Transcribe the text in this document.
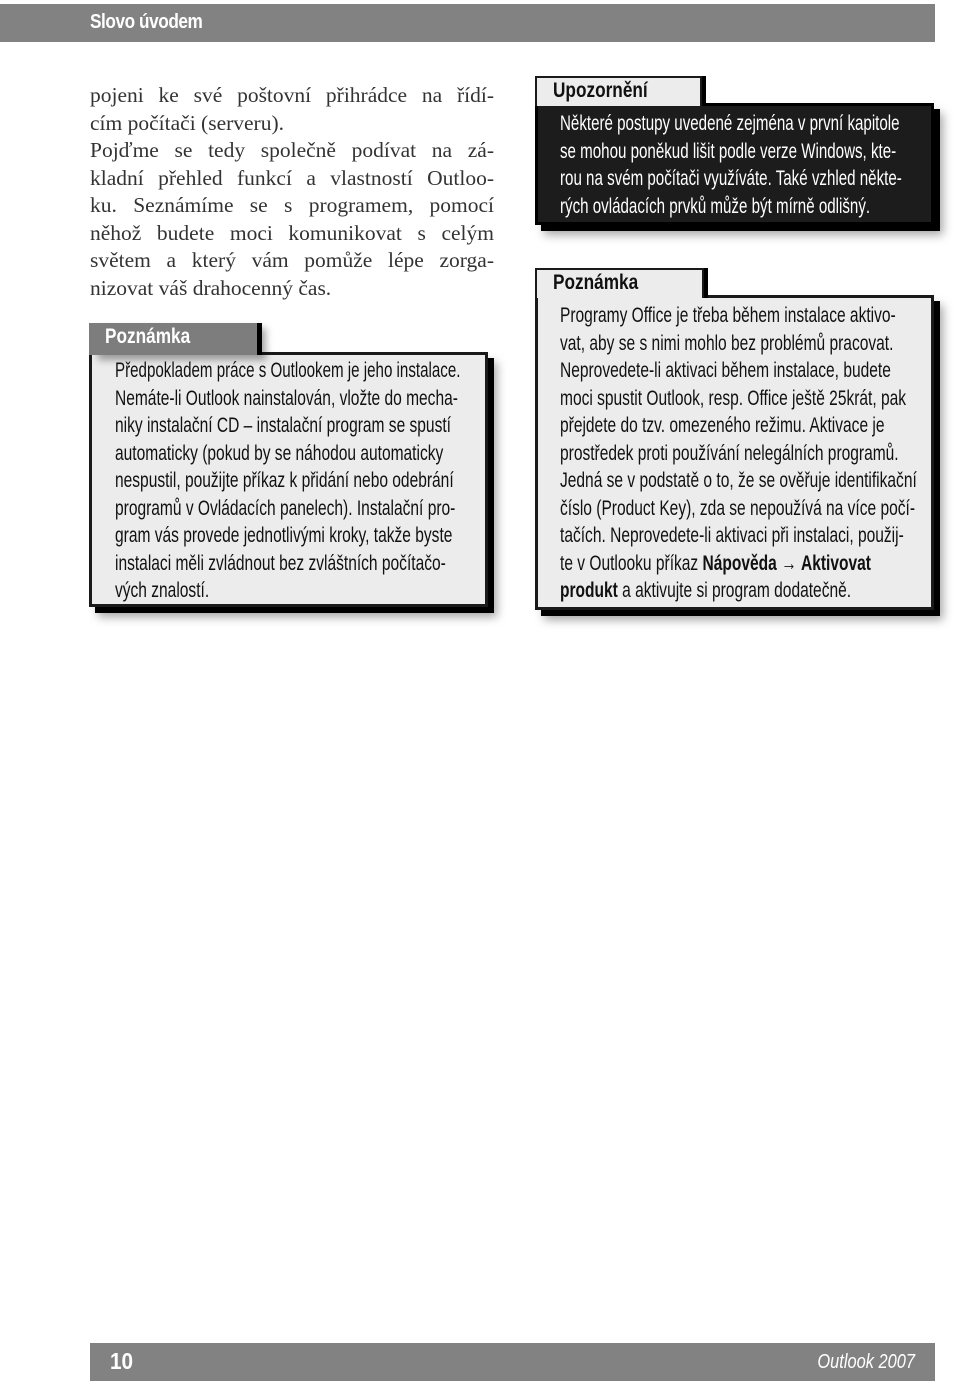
Slovo úvodem
pojeni ke své poštovní přihrádce na řídí-
cím počítači (serveru).
Pojďme se tedy společně podívat na zá-
kladní přehled funkcí a vlastností Outloo-
ku. Seznámíme se s programem, pomocí
něhož budete moci komunikovat s celým
světem a který vám pomůže lépe zorga-
nizovat váš drahocenný čas.
Poznámka
Předpokladem práce s Outlookem je jeho instalace.
Nemáte-li Outlook nainstalován, vložte do mecha-
niky instalační CD – instalační program se spustí
automaticky (pokud by se náhodou automaticky
nespustil, použijte příkaz k přidání nebo odebrání
programů v Ovládacích panelech). Instalační pro-
gram vás provede jednotlivými kroky, takže byste
instalaci měli zvládnout bez zvláštních počítačo-
vých znalostí.
Upozornění
Některé postupy uvedené zejména v první kapitole
se mohou poněkud lišit podle verze Windows, kte-
rou na svém počítači využíváte. Také vzhled někte-
rých ovládacích prvků může být mírně odlišný.
Poznámka
Programy Office je třeba během instalace aktivo-
vat, aby se s nimi mohlo bez problémů pracovat.
Neprovedete-li aktivaci během instalace, budete
moci spustit Outlook, resp. Office ještě 25krát, pak
přejdete do tzv. omezeného režimu. Aktivace je
prostředek proti používání nelegálních programů.
Jedná se v podstatě o to, že se ověřuje identifikační
číslo (Product Key), zda se nepoužívá na více počí-
tačích. Neprovedete-li aktivaci při instalaci, použij-
te v Outlooku příkaz Nápověda → Aktivovat
produkt a aktivujte si program dodatečně.
10	Outlook 2007
